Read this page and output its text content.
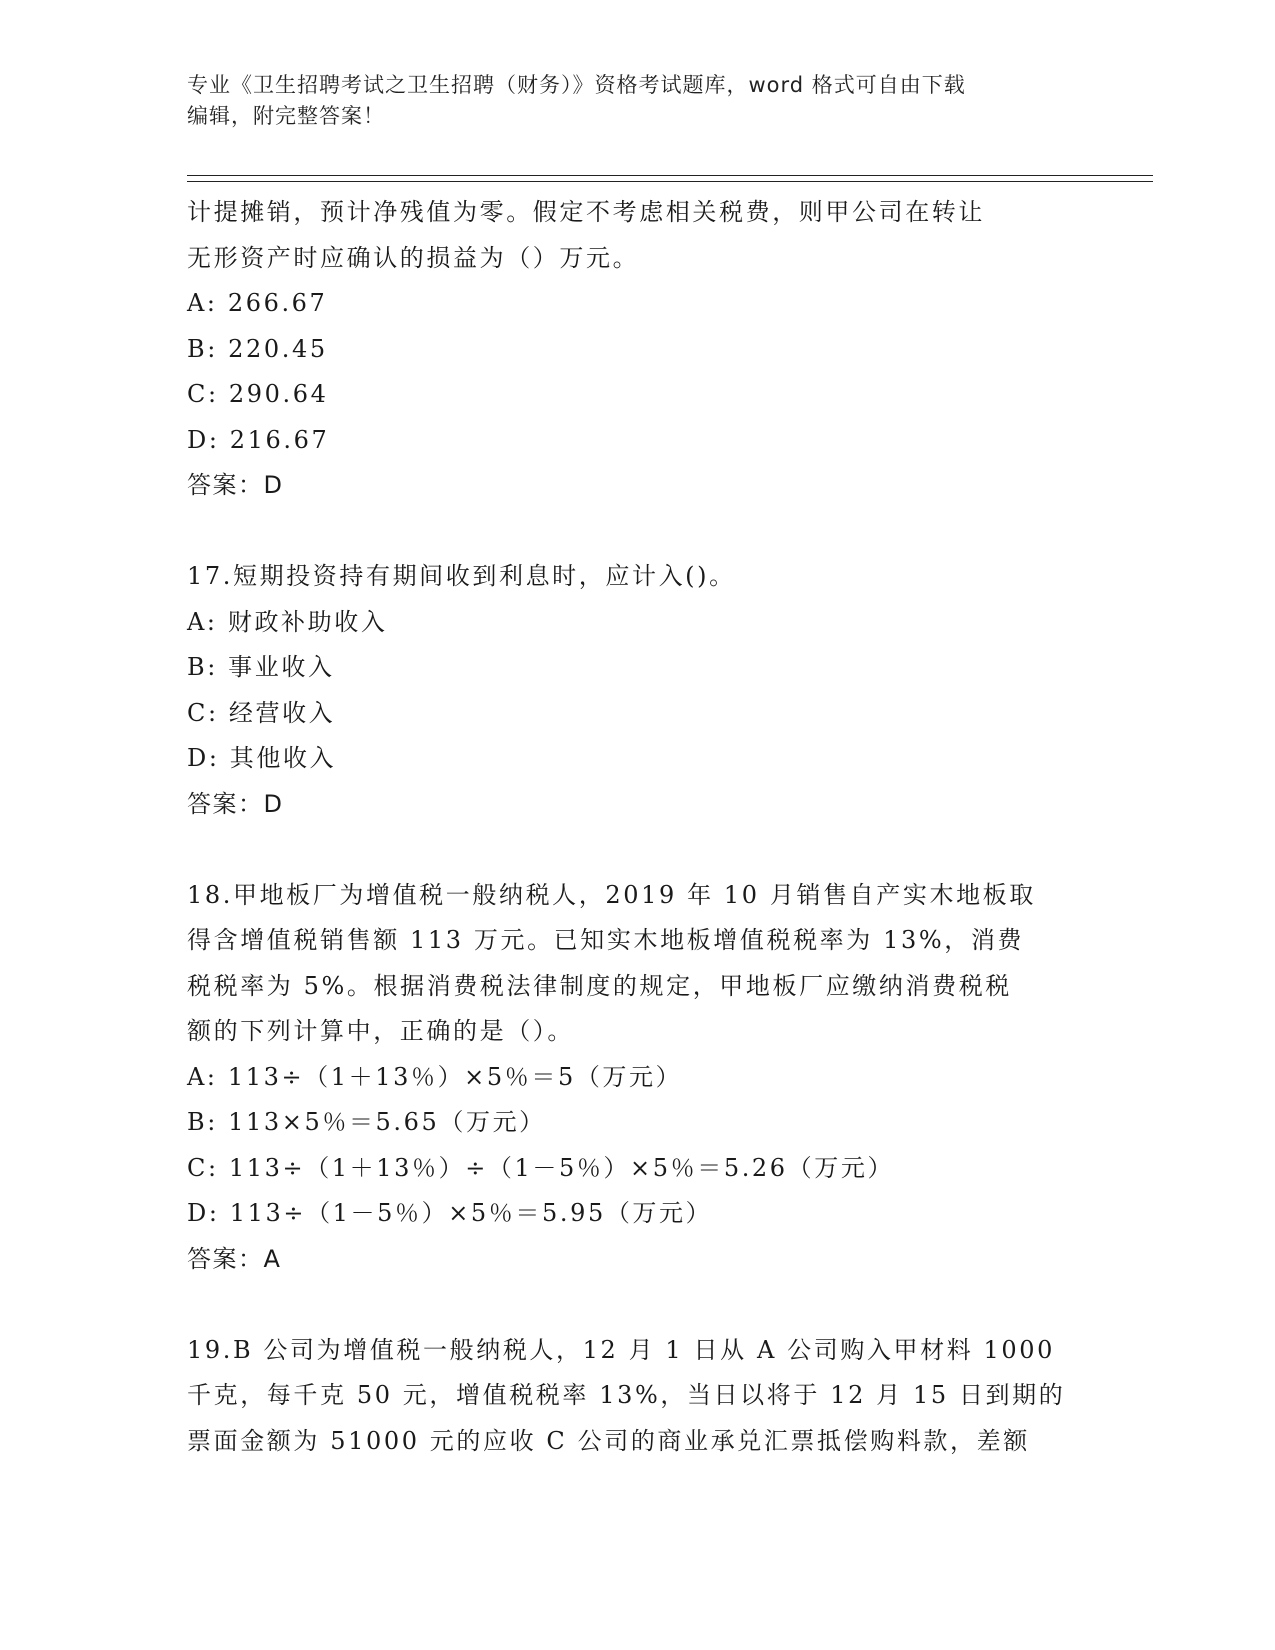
专业《卫生招聘考试之卫生招聘（财务）》资格考试题库，word 格式可自由下载
编辑，附完整答案！
计提摊销，预计净残值为零。假定不考虑相关税费，则甲公司在转让
无形资产时应确认的损益为（）万元。
A: 266.67
B: 220.45
C: 290.64
D: 216.67
答案：D
17.短期投资持有期间收到利息时，应计入()。
A: 财政补助收入
B: 事业收入
C: 经营收入
D: 其他收入
答案：D
18.甲地板厂为增值税一般纳税人，2019 年 10 月销售自产实木地板取
得含增值税销售额 113 万元。已知实木地板增值税税率为 13%，消费
税税率为 5%。根据消费税法律制度的规定，甲地板厂应缴纳消费税税
额的下列计算中，正确的是（）。
A: 113÷（1＋13％）×5％＝5（万元）
B: 113×5％＝5.65（万元）
C: 113÷（1＋13％）÷（1－5％）×5％＝5.26（万元）
D: 113÷（1－5％）×5％＝5.95（万元）
答案：A
19.B 公司为增值税一般纳税人，12 月 1 日从 A 公司购入甲材料 1000
千克，每千克 50 元，增值税税率 13%，当日以将于 12 月 15 日到期的
票面金额为 51000 元的应收 C 公司的商业承兑汇票抵偿购料款，差额
